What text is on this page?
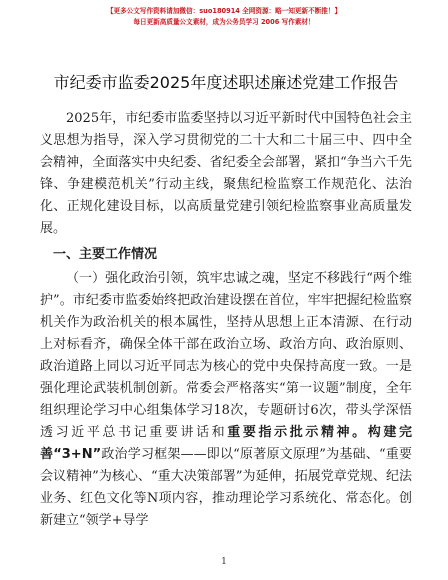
【更多公文写作资料请加微信：suo180914 全网资源：略一知更新不断推！】
每日更新高质量公文素材，成为公务员学习 2006 写作素材！
市纪委市监委2025年度述职述廉述党建工作报告

2025年，市纪委市监委坚持以习近平新时代中国特色社会主义思想为指导，深入学习贯彻党的二十大和二十届三中、四中全会精神，全面落实中央纪委、省纪委全会部署，紧扣“争当六千先锋、争建模范机关”行动主线，聚焦纪检监察工作规范化、法治化、正规化建设目标，以高质量党建引领纪检监察事业高质量发展。

一、主要工作情况

（一）强化政治引领，筑牢忠诚之魂，坚定不移践行“两个维护”。市纪委市监委始终把政治建设摆在首位，牢牢把握纪检监察机关作为政治机关的根本属性，坚持从思想上正本清源、在行动上对标看齐，确保全体干部在政治立场、政治方向、政治原则、政治道路上同以习近平同志为核心的党中央保持高度一致。一是强化理论武装机制创新。常委会严格落实“第一议题”制度，全年组织理论学习中心组集体学习18次，专题研讨6次，带头学深悟透习近平总书记重要讲话和重要指示批示精神。构建完善“3+N”政治学习框架——即以“原著原文原理”为基础、“重要会议精神”为核心、“重大决策部署”为延伸，拓展党章党规、纪法业务、红色文化等N项内容，推动理论学习系统化、常态化。创新建立“领学+导学

1
